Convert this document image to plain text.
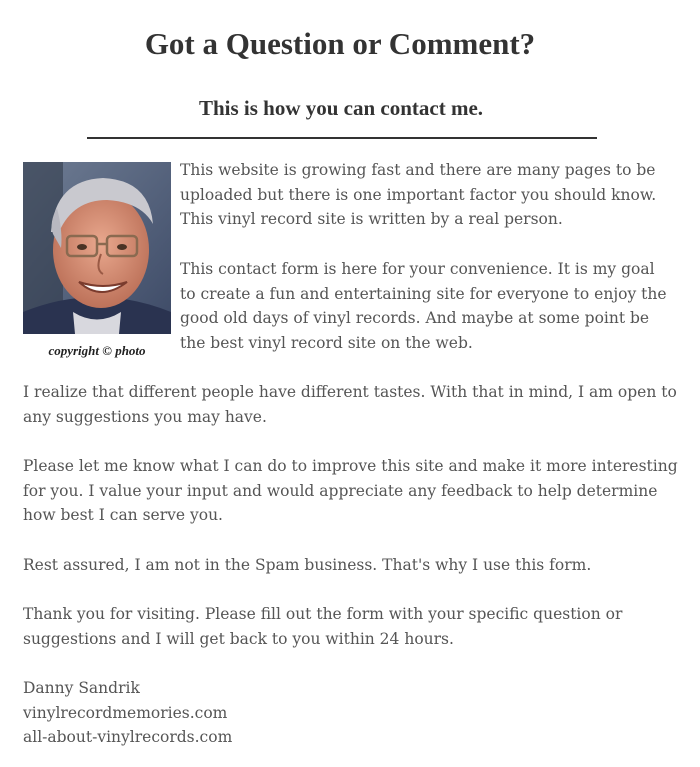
Got a Question or Comment?
This is how you can contact me.
copyright © photo

This website is growing fast and there are many pages to be uploaded but there is one important factor you should know. This vinyl record site is written by a real person.

This contact form is here for your convenience. It is my goal to create a fun and entertaining site for everyone to enjoy the good old days of vinyl records. And maybe at some point be the best vinyl record site on the web.

I realize that different people have different tastes. With that in mind, I am open to any suggestions you may have.

Please let me know what I can do to improve this site and make it more interesting for you. I value your input and would appreciate any feedback to help determine how best I can serve you.

Rest assured, I am not in the Spam business. That's why I use this form.

Thank you for visiting. Please fill out the form with your specific question or suggestions and I will get back to you within 24 hours.

Danny Sandrik
vinylrecordmemories.com
all-about-vinylrecords.com
